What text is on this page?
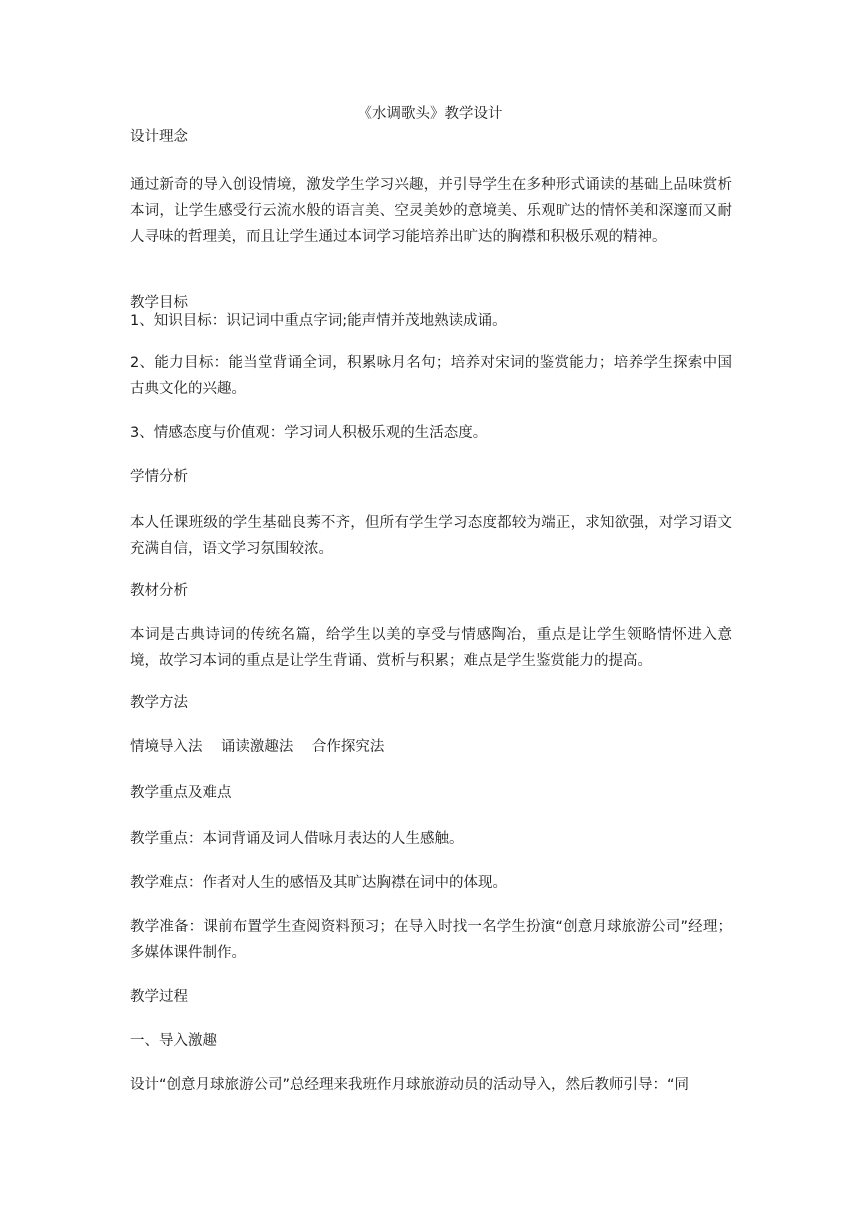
《水调歌头》教学设计

设计理念

通过新奇的导入创设情境，激发学生学习兴趣，并引导学生在多种形式诵读的基础上品味赏析本词，让学生感受行云流水般的语言美、空灵美妙的意境美、乐观旷达的情怀美和深邃而又耐人寻味的哲理美，而且让学生通过本词学习能培养出旷达的胸襟和积极乐观的精神。

教学目标

1、知识目标：识记词中重点字词;能声情并茂地熟读成诵。

2、能力目标：能当堂背诵全词，积累咏月名句；培养对宋词的鉴赏能力；培养学生探索中国古典文化的兴趣。

3、情感态度与价值观：学习词人积极乐观的生活态度。

学情分析

本人任课班级的学生基础良莠不齐，但所有学生学习态度都较为端正，求知欲强，对学习语文充满自信，语文学习氛围较浓。

教材分析

本词是古典诗词的传统名篇，给学生以美的享受与情感陶冶，重点是让学生领略情怀进入意境，故学习本词的重点是让学生背诵、赏析与积累；难点是学生鉴赏能力的提高。

教学方法

情境导入法    诵读激趣法    合作探究法

教学重点及难点

教学重点：本词背诵及词人借咏月表达的人生感触。

教学难点：作者对人生的感悟及其旷达胸襟在词中的体现。

教学准备：课前布置学生查阅资料预习；在导入时找一名学生扮演“创意月球旅游公司”经理；多媒体课件制作。

教学过程

一、导入激趣

设计“创意月球旅游公司”总经理来我班作月球旅游动员的活动导入，然后教师引导：“同
